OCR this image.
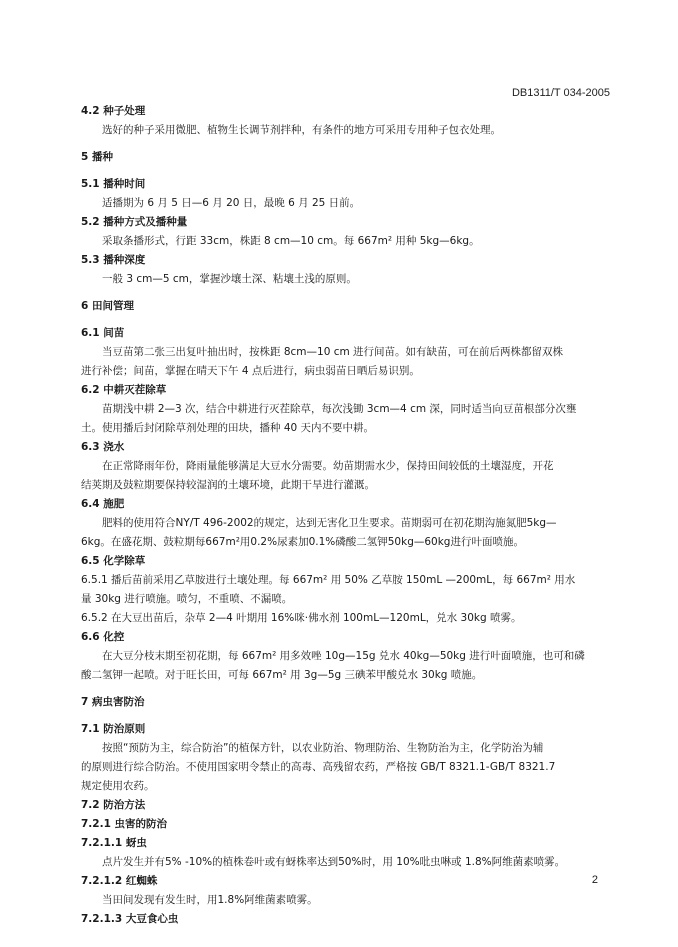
DB1311/T 034-2005
4.2 种子处理
选好的种子采用微肥、植物生长调节剂拌种，有条件的地方可采用专用种子包衣处理。
5 播种
5.1 播种时间
适播期为 6 月 5 日—6 月 20 日，最晚 6 月 25 日前。
5.2 播种方式及播种量
采取条播形式，行距 33cm，株距 8 cm—10 cm。每 667m² 用种 5kg—6kg。
5.3 播种深度
一般 3 cm—5 cm，掌握沙壤土深、粘壤土浅的原则。
6 田间管理
6.1 间苗
当豆苗第二张三出复叶抽出时，按株距 8cm—10 cm 进行间苗。如有缺苗，可在前后两株都留双株
进行补偿；间苗，掌握在晴天下午 4 点后进行，病虫弱苗日晒后易识别。
6.2 中耕灭茬除草
苗期浅中耕 2—3 次，结合中耕进行灭茬除草，每次浅锄 3cm—4 cm 深，同时适当向豆苗根部分次壅
土。使用播后封闭除草剂处理的田块，播种 40 天内不要中耕。
6.3 浇水
在正常降雨年份，降雨量能够满足大豆水分需要。幼苗期需水少，保持田间较低的土壤湿度，开花
结荚期及鼓粒期要保持较湿润的土壤环境，此期干旱进行灌溉。
6.4 施肥
肥料的使用符合NY/T 496-2002的规定，达到无害化卫生要求。苗期弱可在初花期沟施氮肥5kg—
6kg。在盛花期、鼓粒期每667m²用0.2%尿素加0.1%磷酸二氢钾50kg—60kg进行叶面喷施。
6.5 化学除草
6.5.1 播后苗前采用乙草胺进行土壤处理。每 667m² 用 50% 乙草胺 150mL —200mL，每 667m² 用水
量 30kg 进行喷施。喷匀，不重喷、不漏喷。
6.5.2 在大豆出苗后，杂草 2—4 叶期用 16%咪·佛水剂 100mL—120mL，兑水 30kg 喷雾。
6.6 化控
在大豆分枝末期至初花期，每 667m² 用多效唑 10g—15g 兑水 40kg—50kg 进行叶面喷施，也可和磷
酸二氢钾一起喷。对于旺长田，可每 667m² 用 3g—5g 三碘苯甲酸兑水 30kg 喷施。
7 病虫害防治
7.1 防治原则
按照“预防为主，综合防治”的植保方针，以农业防治、物理防治、生物防治为主，化学防治为辅
的原则进行综合防治。不使用国家明令禁止的高毒、高残留农药，严格按 GB/T 8321.1-GB/T 8321.7
规定使用农药。
7.2 防治方法
7.2.1 虫害的防治
7.2.1.1 蚜虫
点片发生并有5% -10%的植株卷叶或有蚜株率达到50%时，用 10%吡虫啉或 1.8%阿维菌素喷雾。
7.2.1.2 红蜘蛛
当田间发现有发生时，用1.8%阿维菌素喷雾。
7.2.1.3 大豆食心虫
2
